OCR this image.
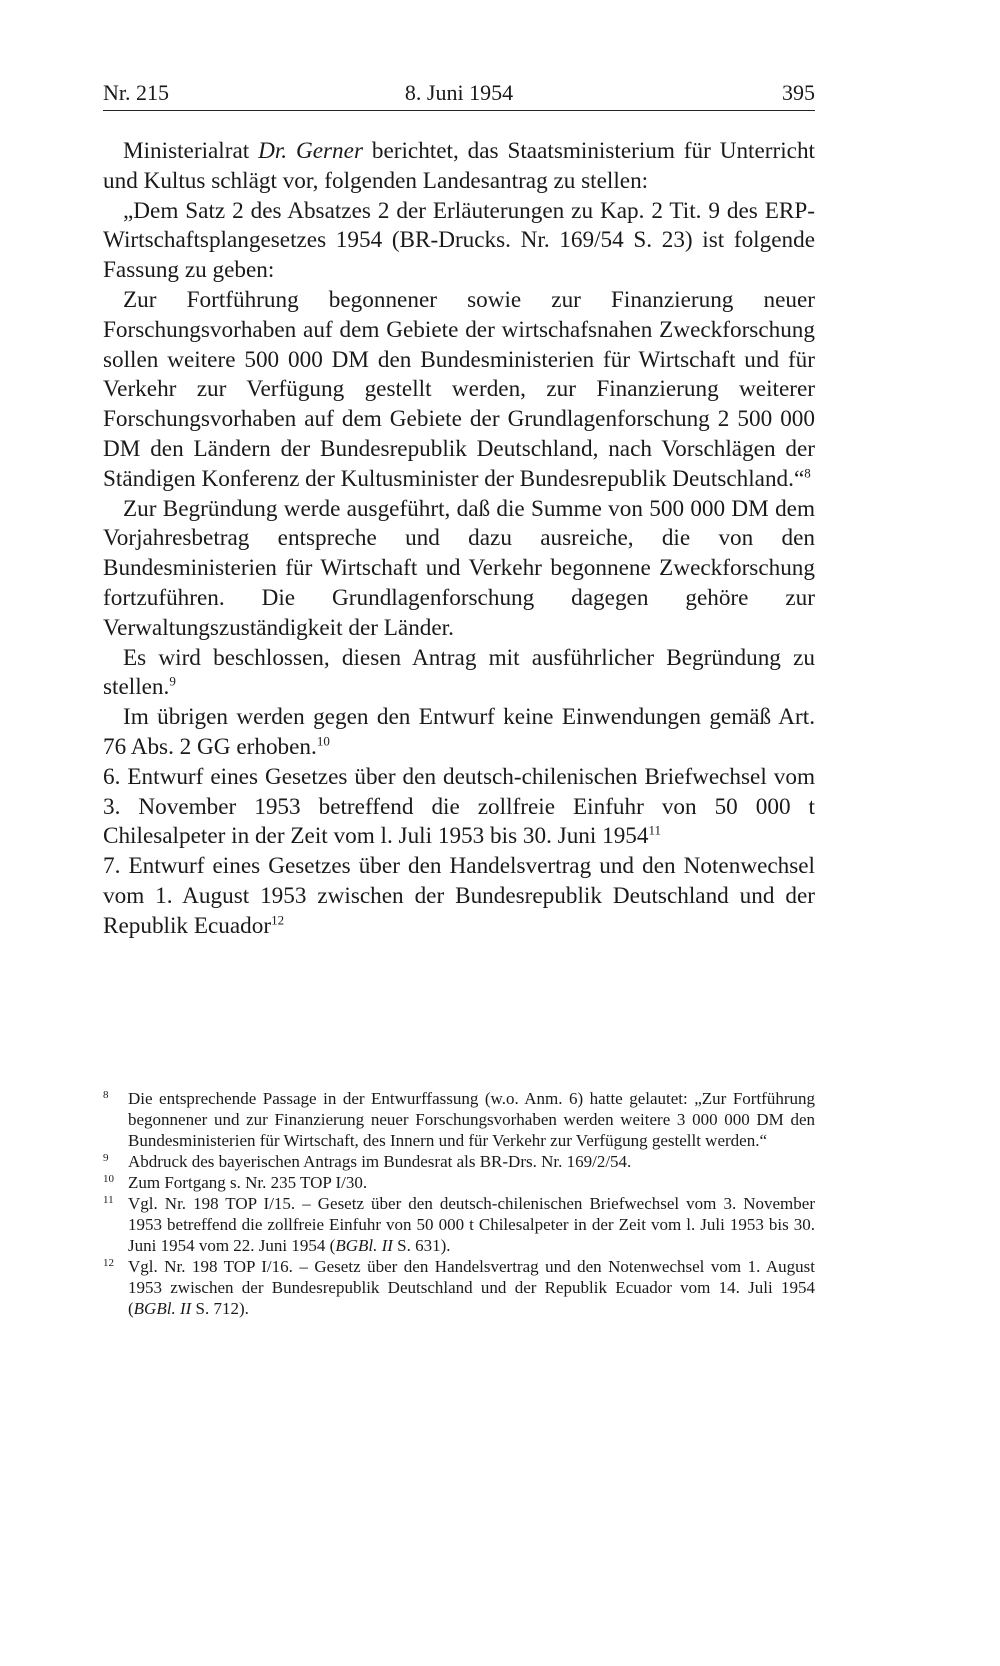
Nr. 215	8. Juni 1954	395

Ministerialrat Dr. Gerner berichtet, das Staatsministerium für Unterricht und Kultus schlägt vor, folgenden Landesantrag zu stellen:

„Dem Satz 2 des Absatzes 2 der Erläuterungen zu Kap. 2 Tit. 9 des ERP-Wirtschaftsplangesetzes 1954 (BR-Drucks. Nr. 169/54 S. 23) ist folgende Fassung zu geben:

Zur Fortführung begonnener sowie zur Finanzierung neuer Forschungsvorhaben auf dem Gebiete der wirtschafsnahen Zweckforschung sollen weitere 500 000 DM den Bundesministerien für Wirtschaft und für Verkehr zur Verfügung gestellt werden, zur Finanzierung weiterer Forschungsvorhaben auf dem Gebiete der Grundlagenforschung 2 500 000 DM den Ländern der Bundesrepublik Deutschland, nach Vorschlägen der Ständigen Konferenz der Kultusminister der Bundesrepublik Deutschland.“$^8$

Zur Begründung werde ausgeführt, daß die Summe von 500 000 DM dem Vorjahresbetrag entspreche und dazu ausreiche, die von den Bundesministerien für Wirtschaft und Verkehr begonnene Zweckforschung fortzuführen. Die Grundlagenforschung dagegen gehöre zur Verwaltungszuständigkeit der Länder.

Es wird beschlossen, diesen Antrag mit ausführlicher Begründung zu stellen.$^9$

Im übrigen werden gegen den Entwurf keine Einwendungen gemäß Art. 76 Abs. 2 GG erhoben.$^{10}$

6. Entwurf eines Gesetzes über den deutsch-chilenischen Briefwechsel vom 3. November 1953 betreffend die zollfreie Einfuhr von 50 000 t Chilesalpeter in der Zeit vom l. Juli 1953 bis 30. Juni 1954$^{11}$

7. Entwurf eines Gesetzes über den Handelsvertrag und den Notenwechsel vom 1. August 1953 zwischen der Bundesrepublik Deutschland und der Republik Ecuador$^{12}$

8 Die entsprechende Passage in der Entwurffassung (w.o. Anm. 6) hatte gelautet: „Zur Fortführung begonnener und zur Finanzierung neuer Forschungsvorhaben werden weitere 3 000 000 DM den Bundesministerien für Wirtschaft, des Innern und für Verkehr zur Verfügung gestellt werden.“
9 Abdruck des bayerischen Antrags im Bundesrat als BR-Drs. Nr. 169/2/54.
10 Zum Fortgang s. Nr. 235 TOP I/30.
11 Vgl. Nr. 198 TOP I/15. – Gesetz über den deutsch-chilenischen Briefwechsel vom 3. November 1953 betreffend die zollfreie Einfuhr von 50 000 t Chilesalpeter in der Zeit vom l. Juli 1953 bis 30. Juni 1954 vom 22. Juni 1954 (BGBl. II S. 631).
12 Vgl. Nr. 198 TOP I/16. – Gesetz über den Handelsvertrag und den Notenwechsel vom 1. August 1953 zwischen der Bundesrepublik Deutschland und der Republik Ecuador vom 14. Juli 1954 (BGBl. II S. 712).
